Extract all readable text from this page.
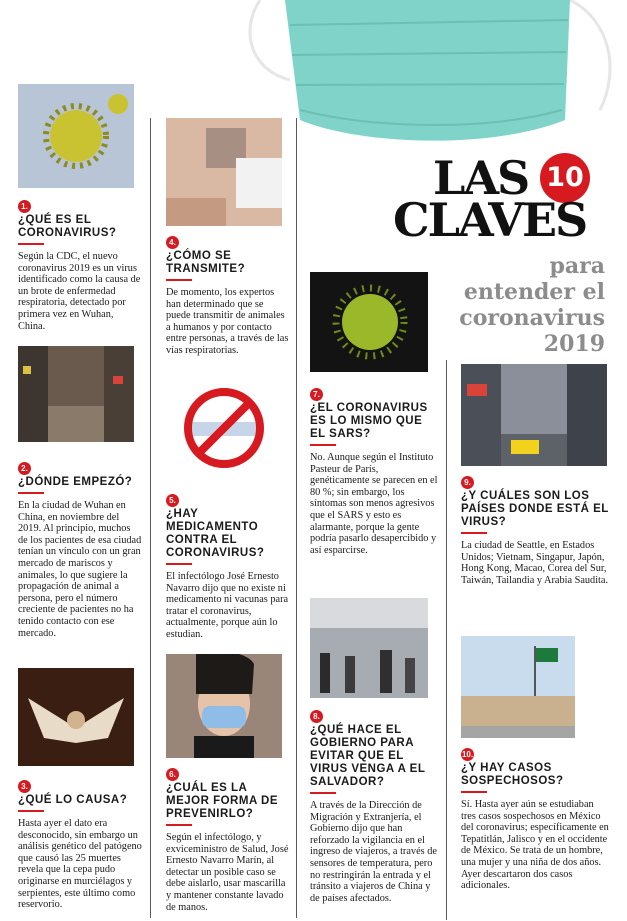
LAS 10
CLAVES
para
entender el
coronavirus
2019
1.
¿QUÉ ES EL CORONAVIRUS?

Según la CDC, el nuevo coronavirus 2019 es un virus identificado como la causa de un brote de enfermedad respiratoria, detectado por primera vez en Wuhan, China.

2.
¿DÓNDE EMPEZÓ?

En la ciudad de Wuhan en China, en noviembre del 2019. Al principio, muchos de los pacientes de esa ciudad tenían un vínculo con un gran mercado de mariscos y animales, lo que sugiere la propagación de animal a persona, pero el número creciente de pacientes no ha tenido contacto con ese mercado.

3.
¿QUÉ LO CAUSA?

Hasta ayer el dato era desconocido, sin embargo un análisis genético del patógeno que causó las 25 muertes revela que la cepa pudo originarse en murciélagos y serpientes, este último como reservorio.

4.
¿CÓMO SE TRANSMITE?

De momento, los expertos han determinado que se puede transmitir de animales a humanos y por contacto entre personas, a través de las vías respiratorias.

5.
¿HAY MEDICAMENTO CONTRA EL CORONAVIRUS?

El infectólogo José Ernesto Navarro dijo que no existe ni medicamento ni vacunas para tratar el coronavirus, actualmente, porque aún lo estudian.

6.
¿CUÁL ES LA MEJOR FORMA DE PREVENIRLO?

Según el infectólogo, y exviceministro de Salud, José Ernesto Navarro Marín, al detectar un posible caso se debe aislarlo, usar mascarilla y mantener constante lavado de manos.

7.
¿EL CORONAVIRUS ES LO MISMO QUE EL SARS?

No. Aunque según el Instituto Pasteur de París, genéticamente se parecen en el 80 %; sin embargo, los síntomas son menos agresivos que el SARS y esto es alarmante, porque la gente podría pasarlo desapercibido y así esparcirse.

8.
¿QUÉ HACE EL GOBIERNO PARA EVITAR QUE EL VIRUS VENGA A EL SALVADOR?

A través de la Dirección de Migración y Extranjería, el Gobierno dijo que han reforzado la vigilancia en el ingreso de viajeros, a través de sensores de temperatura, pero no restringirán la entrada y el tránsito a viajeros de China y de países afectados.

9.
¿Y CUÁLES SON LOS PAÍSES DONDE ESTÁ EL VIRUS?

La ciudad de Seattle, en Estados Unidos; Vietnam, Singapur, Japón, Hong Kong, Macao, Corea del Sur, Taiwán, Tailandia y Arabia Saudita.

10.
¿Y HAY CASOS SOSPECHOSOS?

Sí. Hasta ayer aún se estudiaban tres casos sospechosos en México del coronavirus; específicamente en Tepatitlán, Jalisco y en el occidente de México. Se trata de un hombre, una mujer y una niña de dos años. Ayer descartaron dos casos adicionales.
